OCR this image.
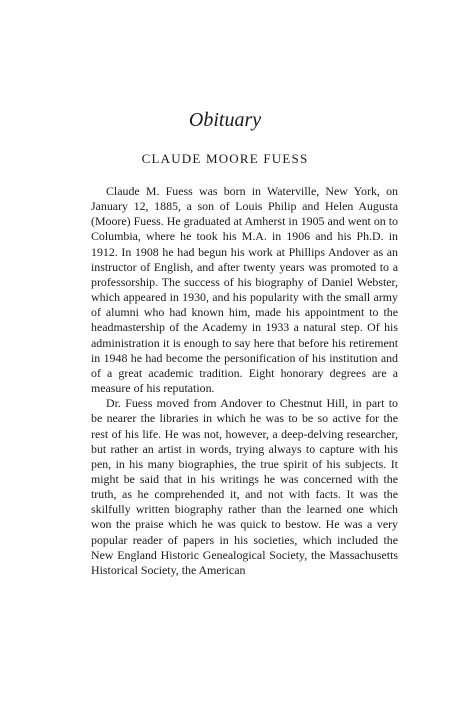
Obituary
CLAUDE MOORE FUESS

Claude M. Fuess was born in Waterville, New York, on January 12, 1885, a son of Louis Philip and Helen Augusta (Moore) Fuess. He graduated at Amherst in 1905 and went on to Columbia, where he took his M.A. in 1906 and his Ph.D. in 1912. In 1908 he had begun his work at Phillips Andover as an instructor of English, and after twenty years was promoted to a professorship. The success of his biography of Daniel Webster, which appeared in 1930, and his popularity with the small army of alumni who had known him, made his appointment to the headmastership of the Academy in 1933 a natural step. Of his administration it is enough to say here that before his retirement in 1948 he had become the personification of his institution and of a great academic tradition. Eight honorary degrees are a measure of his reputation.

Dr. Fuess moved from Andover to Chestnut Hill, in part to be nearer the libraries in which he was to be so active for the rest of his life. He was not, however, a deep-delving researcher, but rather an artist in words, trying always to capture with his pen, in his many biographies, the true spirit of his subjects. It might be said that in his writings he was concerned with the truth, as he comprehended it, and not with facts. It was the skilfully written biography rather than the learned one which won the praise which he was quick to bestow. He was a very popular reader of papers in his societies, which included the New England Historic Genealogical Society, the Massachusetts Historical Society, the American
